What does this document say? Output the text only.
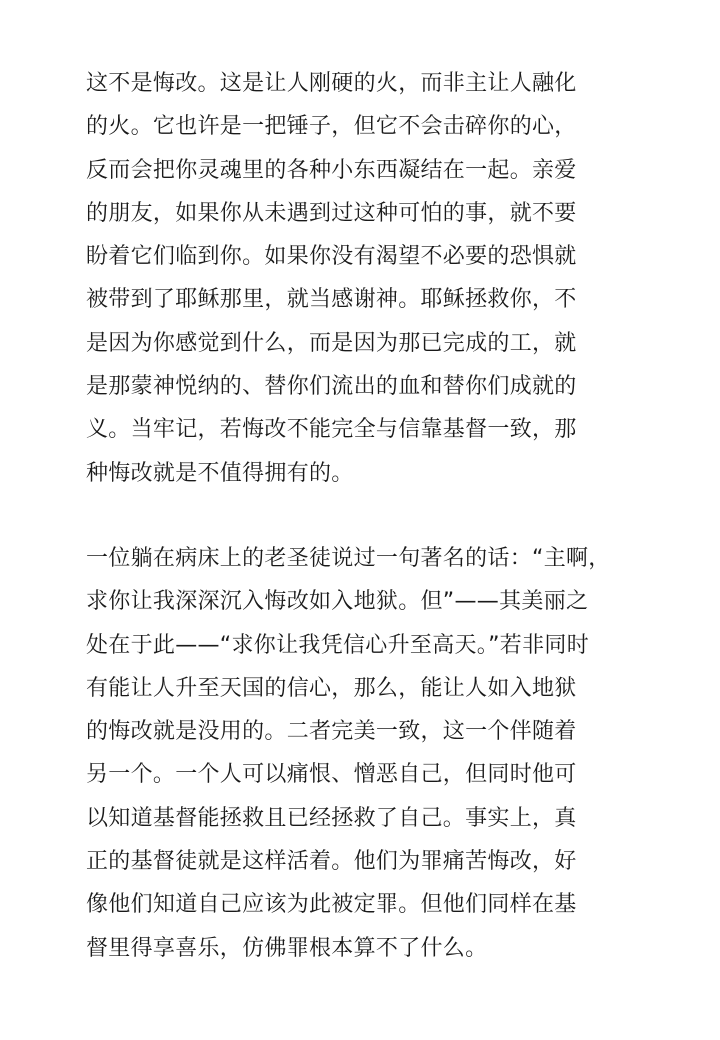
这不是悔改。这是让人刚硬的火，而非主让人融化
的火。它也许是一把锤子，但它不会击碎你的心，
反而会把你灵魂里的各种小东西凝结在一起。亲爱
的朋友，如果你从未遇到过这种可怕的事，就不要
盼着它们临到你。如果你没有渴望不必要的恐惧就
被带到了耶稣那里，就当感谢神。耶稣拯救你，不
是因为你感觉到什么，而是因为那已完成的工，就
是那蒙神悦纳的、替你们流出的血和替你们成就的
义。当牢记，若悔改不能完全与信靠基督一致，那
种悔改就是不值得拥有的。
一位躺在病床上的老圣徒说过一句著名的话：“主啊，
求你让我深深沉入悔改如入地狱。但”——其美丽之
处在于此——“求你让我凭信心升至高天。”若非同时
有能让人升至天国的信心，那么，能让人如入地狱
的悔改就是没用的。二者完美一致，这一个伴随着
另一个。一个人可以痛恨、憎恶自己，但同时他可
以知道基督能拯救且已经拯救了自己。事实上，真
正的基督徒就是这样活着。他们为罪痛苦悔改，好
像他们知道自己应该为此被定罪。但他们同样在基
督里得享喜乐，仿佛罪根本算不了什么。
